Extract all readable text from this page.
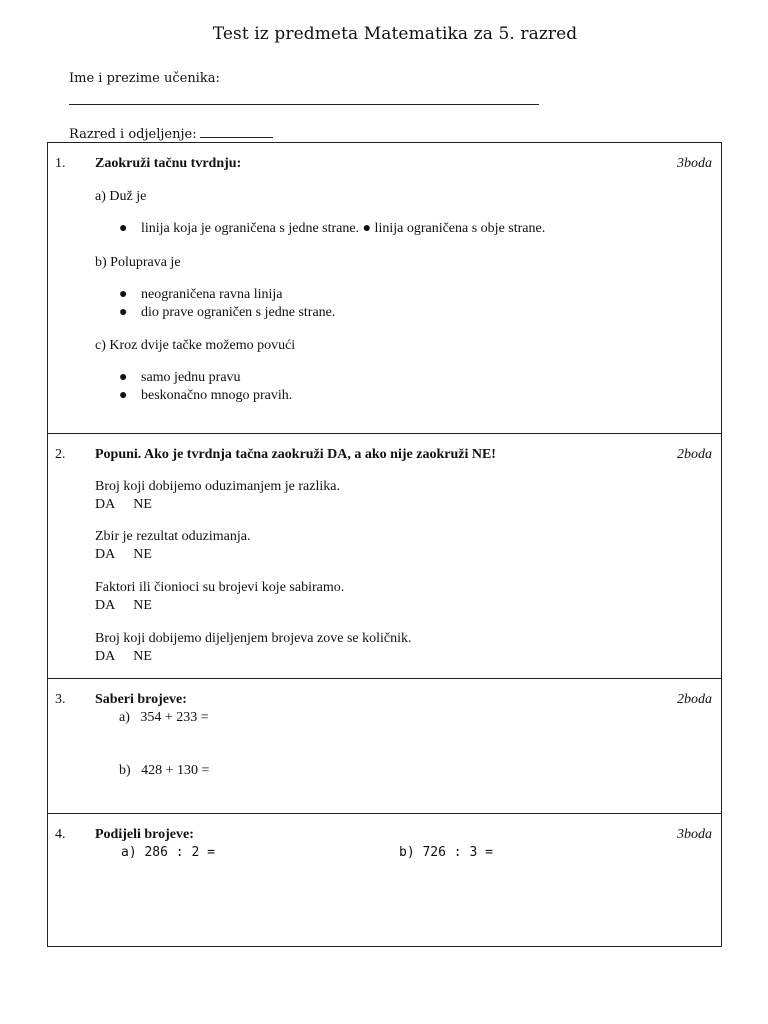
Test iz predmeta Matematika za 5. razred
Ime i prezime učenika:
Razred i odjeljenje:
1. Zaokruži tačnu tvrdnju:	3boda
a) Duž je
● linija koja je ograničena s jedne strane. ● linija ograničena s obje strane.
b) Poluprava je
● neograničena ravna linija
● dio prave ograničen s jedne strane.
c) Kroz dvije tačke možemo povući
● samo jednu pravu
● beskonačno mnogo pravih.
2. Popuni. Ako je tvrdnja tačna zaokruži DA, a ako nije zaokruži NE!	2boda
Broj koji dobijemo oduzimanjem je razlika.
DA NE
Zbir je rezultat oduzimanja.
DA NE
Faktori ili čionioci su brojevi koje sabiramo.
DA NE
Broj koji dobijemo dijeljenjem brojeva zove se količnik.
DA NE
3. Saberi brojeve:	2boda
a)   354 + 233 =
b)   428 + 130 =
4. Podijeli brojeve:	3boda
a) 286 : 2 =	b) 726 : 3 =
